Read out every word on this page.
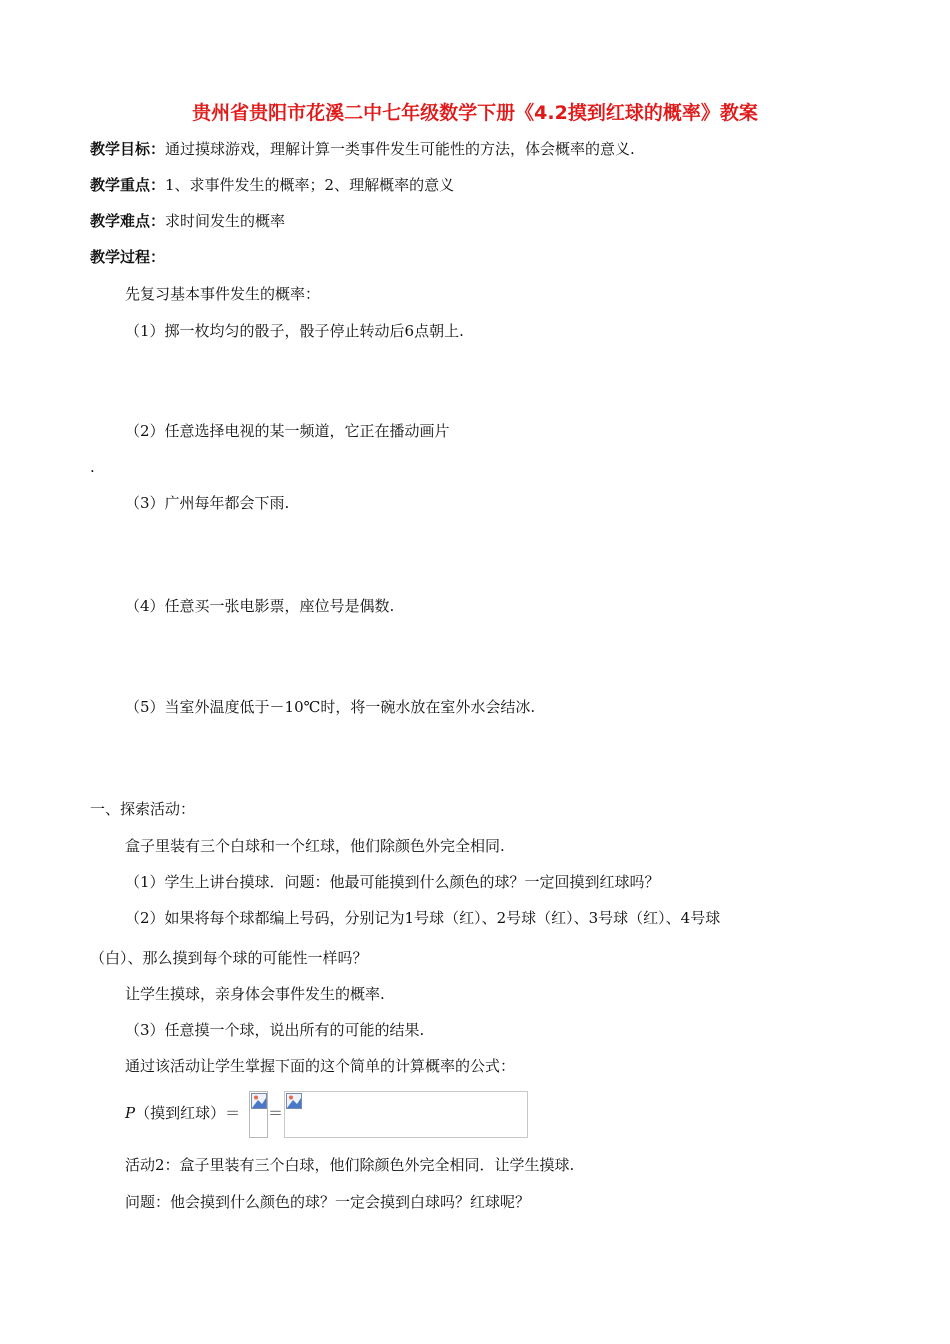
贵州省贵阳市花溪二中七年级数学下册《4.2摸到红球的概率》教案
教学目标：通过摸球游戏，理解计算一类事件发生可能性的方法，体会概率的意义.
教学重点：1、求事件发生的概率；2、理解概率的意义
教学难点：求时间发生的概率
教学过程：
先复习基本事件发生的概率：
（1）掷一枚均匀的骰子，骰子停止转动后6点朝上.
（2）任意选择电视的某一频道，它正在播动画片
.
（3）广州每年都会下雨.
（4）任意买一张电影票，座位号是偶数.
（5）当室外温度低于－10℃时，将一碗水放在室外水会结冰.
一、探索活动：
盒子里装有三个白球和一个红球，他们除颜色外完全相同.
（1）学生上讲台摸球．问题：他最可能摸到什么颜色的球？一定回摸到红球吗？
（2）如果将每个球都编上号码，分别记为1号球（红）、2号球（红）、3号球（红）、4号球
（白）、那么摸到每个球的可能性一样吗？
让学生摸球，亲身体会事件发生的概率.
（3）任意摸一个球，说出所有的可能的结果.
通过该活动让学生掌握下面的这个简单的计算概率的公式：
P（摸到红球）＝ ＝
活动2：盒子里装有三个白球，他们除颜色外完全相同．让学生摸球.
问题：他会摸到什么颜色的球？一定会摸到白球吗？红球呢？
